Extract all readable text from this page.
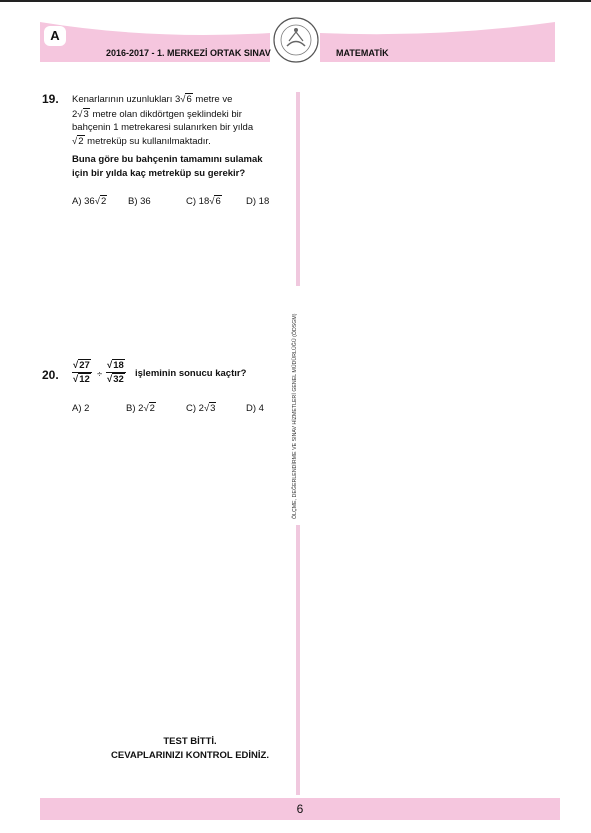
A
2016-2017 - 1. MERKEZİ ORTAK SINAV	MATEMATİK
ÖLÇME, DEĞERLENDİRME VE SINAV HİZMETLERİ GENEL MÜDÜRLÜĞÜ (ÖDSGM)
19. Kenarlarının uzunlukları 3√6 metre ve
2√3 metre olan dikdörtgen şeklindeki bir
bahçenin 1 metrekaresi sulanırken bir yılda
√2 metreküp su kullanılmaktadır.
Buna göre bu bahçenin tamamını sulamak
için bir yılda kaç metreküp su gerekir?
A) 36√2 B) 36	C) 18√6	D) 18
20. $\frac{√27}{√12} \div \frac{√18}{√32}$ işleminin sonucu kaçtır?
A) 2	B) 2√2	C) 2√3	D) 4
TEST BİTTİ.
CEVAPLARINIZI KONTROL EDİNİZ.
6
